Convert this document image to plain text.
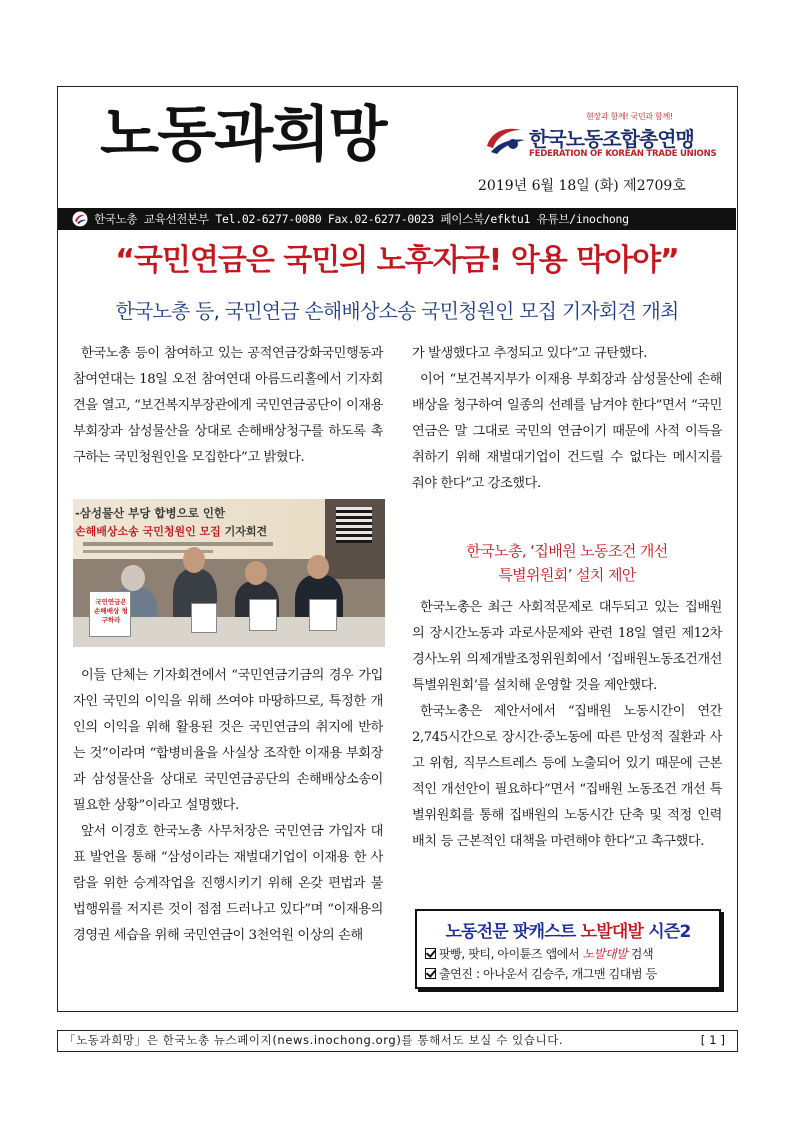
노동과희망	현장과 함께! 국민과 함께!
한국노동조합총연맹
FEDERATION OF KOREAN TRADE UNIONS
2019년 6월 18일 (화) 제2709호
한국노총 교육선전본부 Tel.02-6277-0080 Fax.02-6277-0023 페이스북/efktu1 유튜브/inochong
“국민연금은 국민의 노후자금! 악용 막아야”
한국노총 등, 국민연금 손해배상소송 국민청원인 모집 기자회견 개최

한국노총 등이 참여하고 있는 공적연금강화국민행동과 참여연대는 18일 오전 참여연대 아름드리홀에서 기자회견을 열고, “보건복지부장관에게 국민연금공단이 이재용 부회장과 삼성물산을 상대로 손해배상청구를 하도록 촉구하는 국민청원인을 모집한다”고 밝혔다.

-삼성물산 부당 합병으로 인한
손해배상소송 국민청원인 모집 기자회견
국민연금은 손해배상 청구하라

이들 단체는 기자회견에서 “국민연금기금의 경우 가입자인 국민의 이익을 위해 쓰여야 마땅하므로, 특정한 개인의 이익을 위해 활용된 것은 국민연금의 취지에 반하는 것”이라며 “합병비율을 사실상 조작한 이재용 부회장과 삼성물산을 상대로 국민연금공단의 손해배상소송이 필요한 상황”이라고 설명했다.

앞서 이경호 한국노총 사무처장은 국민연금 가입자 대표 발언을 통해 “삼성이라는 재벌대기업이 이재용 한 사람을 위한 승계작업을 진행시키기 위해 온갖 편법과 불법행위를 저지른 것이 점점 드러나고 있다”며 “이재용의 경영권 세습을 위해 국민연금이 3천억원 이상의 손해

가 발생했다고 추정되고 있다”고 규탄했다.

이어 “보건복지부가 이재용 부회장과 삼성물산에 손해배상을 청구하여 일종의 선례를 남겨야 한다”면서 “국민연금은 말 그대로 국민의 연금이기 때문에 사적 이득을 취하기 위해 재벌대기업이 건드릴 수 없다는 메시지를 줘야 한다”고 강조했다.

한국노총, ‘집배원 노동조건 개선
특별위원회’ 설치 제안

한국노총은 최근 사회적문제로 대두되고 있는 집배원의 장시간노동과 과로사문제와 관련 18일 열린 제12차 경사노위 의제개발조정위원회에서 ‘집배원노동조건개선 특별위원회’를 설치해 운영할 것을 제안했다.

한국노총은 제안서에서 “집배원 노동시간이 연간 2,745시간으로 장시간·중노동에 따른 만성적 질환과 사고 위험, 직무스트레스 등에 노출되어 있기 때문에 근본적인 개선안이 필요하다”면서 “집배원 노동조건 개선 특별위원회를 통해 집배원의 노동시간 단축 및 적정 인력 배치 등 근본적인 대책을 마련해야 한다”고 촉구했다.

노동전문 팟캐스트 노발대발 시즌2
팟빵, 팟티, 아이튠즈 앱에서 노발대발 검색
출연진 : 아나운서 김승주, 개그맨 김대범 등
「노동과희망」은 한국노총 뉴스페이지(news.inochong.org)를 통해서도 보실 수 있습니다.	[1]
